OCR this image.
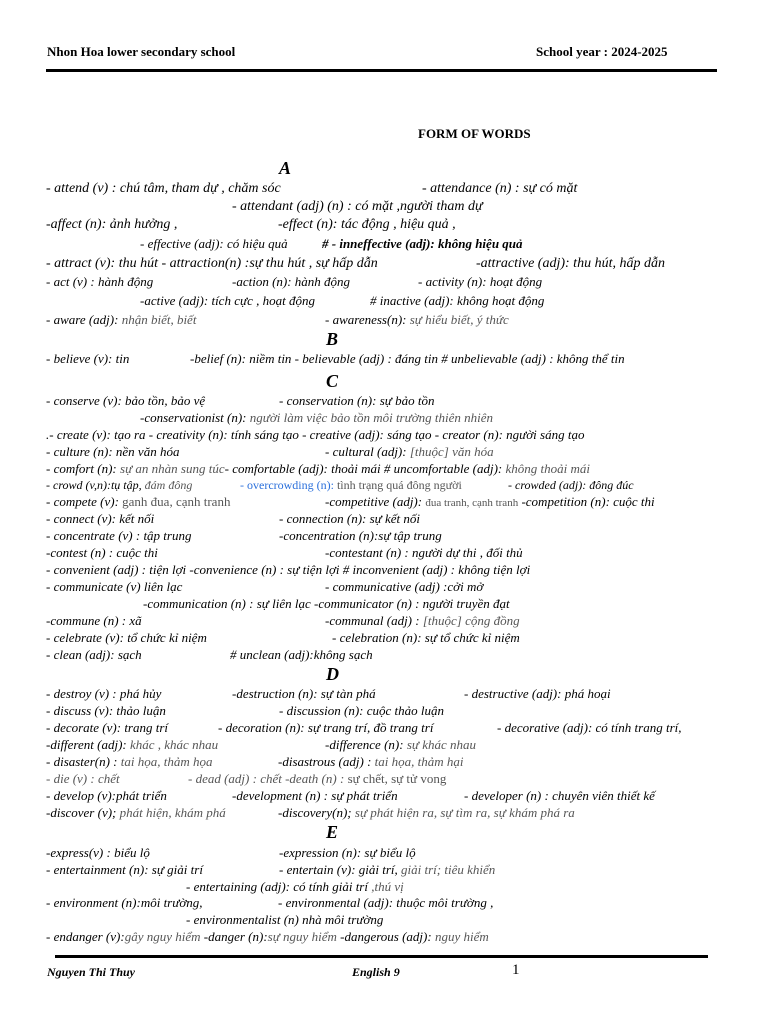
Nhon Hoa lower secondary school	School year : 2024-2025
FORM OF WORDS
A
- attend (v) : chú tâm, tham dự , chăm sóc	- attendance (n) : sự có mặt
- attendant (adj) (n) : có mặt ,người tham dự
-affect (n): ảnh hưởng ,	-effect (n): tác động , hiệu quả ,
- effective (adj): có hiệu quả	# - inneffective (adj): không hiệu quả
- attract (v): thu hút - attraction(n) :sự thu hút , sự hấp dẫn	-attractive (adj): thu hút, hấp dẫn
- act (v) : hành động	-action (n): hành động	- activity (n): hoạt động
-active (adj): tích cực , hoạt động	# inactive (adj): không hoạt động
- aware (adj): nhận biết, biết	- awareness(n): sự hiểu biết, ý thức
B
- believe (v): tin	-belief (n): niềm tin - believable (adj) : đáng tin # unbelievable (adj) : không thể tin
C
- conserve (v): bảo tồn, bảo vệ	- conservation (n): sự bảo tồn
-conservationist (n): người làm việc bảo tồn môi trường thiên nhiên
.- create (v): tạo ra - creativity (n): tính sáng tạo - creative (adj): sáng tạo - creator (n): người sáng tạo
- culture (n): nền văn hóa	- cultural (adj): [thuộc] văn hóa
- comfort (n): sự an nhàn sung túc- comfortable (adj): thoải mái # uncomfortable (adj): không thoải mái
- crowd (v,n):tụ tập, đám đông	- overcrowding (n): tình trạng quá đông người	- crowded (adj): đông đúc
- compete (v): ganh đua, cạnh tranh	-competitive (adj): đua tranh, cạnh tranh -competition (n): cuộc thi
- connect (v): kết nối	- connection (n): sự kết nối
- concentrate (v) : tập trung	-concentration (n):sự tập trung
-contest (n) : cuộc thi	-contestant (n) : người dự thi , đối thủ
- convenient (adj) : tiện lợi -convenience (n) : sự tiện lợi # inconvenient (adj) : không tiện lợi
- communicate (v) liên lạc	- communicative (adj) :cởi mở
-communication (n) : sự liên lạc -communicator (n) : người truyền đạt
-commune (n) : xã	-communal (adj) : [thuộc] cộng đồng
- celebrate (v): tổ chức kỉ niệm	- celebration (n): sự tổ chức kỉ niệm
- clean (adj): sạch	# unclean (adj):không sạch
D
- destroy (v) : phá hủy	-destruction (n): sự tàn phá	- destructive (adj): phá hoại
- discuss (v): thảo luận	- discussion (n): cuộc thảo luận
- decorate (v): trang trí	- decoration (n): sự trang trí, đồ trang trí	- decorative (adj): có tính trang trí,
-different (adj): khác , khác nhau	-difference (n): sự khác nhau
- disaster(n) : tai họa, thảm họa	-disastrous (adj) : tai họa, thảm hại
- die (v) : chết	- dead (adj) : chết -death (n) : sự chết, sự tử vong
- develop (v):phát triển	-development (n) : sự phát triển	- developer (n) : chuyên viên thiết kế
-discover (v); phát hiện, khám phá	-discovery(n); sự phát hiện ra, sự tìm ra, sự khám phá ra
E
-express(v) : biểu lộ	-expression (n): sự biểu lộ
- entertainment (n): sự giải trí	- entertain (v): giải trí, giải trí; tiêu khiển
- entertaining (adj): có tính giải trí ,thú vị
- environment (n):môi trường,	- environmental (adj): thuộc môi trường ,
- environmentalist (n) nhà môi trường
- endanger (v):gây nguy hiểm -danger (n):sự nguy hiểm -dangerous (adj): nguy hiểm
Nguyen Thi Thuy	English 9	1
